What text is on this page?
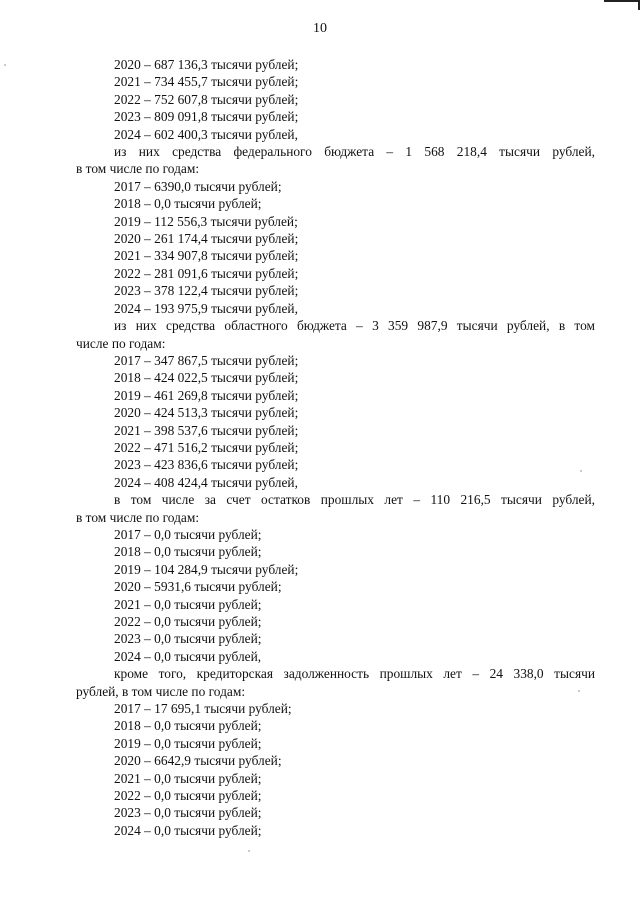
10
2020 – 687 136,3 тысячи рублей;
2021 – 734 455,7 тысячи рублей;
2022 – 752 607,8 тысячи рублей;
2023 – 809 091,8 тысячи рублей;
2024 – 602 400,3 тысячи рублей,
из них средства федерального бюджета – 1 568 218,4 тысячи рублей,
в том числе по годам:
2017 – 6390,0 тысячи рублей;
2018 – 0,0 тысячи рублей;
2019 – 112 556,3 тысячи рублей;
2020 – 261 174,4 тысячи рублей;
2021 – 334 907,8 тысячи рублей;
2022 – 281 091,6 тысячи рублей;
2023 – 378 122,4 тысячи рублей;
2024 – 193 975,9 тысячи рублей,
из них средства областного бюджета – 3 359 987,9 тысячи рублей, в том
числе по годам:
2017 – 347 867,5 тысячи рублей;
2018 – 424 022,5 тысячи рублей;
2019 – 461 269,8 тысячи рублей;
2020 – 424 513,3 тысячи рублей;
2021 – 398 537,6 тысячи рублей;
2022 – 471 516,2 тысячи рублей;
2023 – 423 836,6 тысячи рублей;
2024 – 408 424,4 тысячи рублей,
в том числе за счет остатков прошлых лет – 110 216,5 тысячи рублей,
в том числе по годам:
2017 – 0,0 тысячи рублей;
2018 – 0,0 тысячи рублей;
2019 – 104 284,9 тысячи рублей;
2020 – 5931,6 тысячи рублей;
2021 – 0,0 тысячи рублей;
2022 – 0,0 тысячи рублей;
2023 – 0,0 тысячи рублей;
2024 – 0,0 тысячи рублей,
кроме того, кредиторская задолженность прошлых лет – 24 338,0 тысячи
рублей, в том числе по годам:
2017 – 17 695,1 тысячи рублей;
2018 – 0,0 тысячи рублей;
2019 – 0,0 тысячи рублей;
2020 – 6642,9 тысячи рублей;
2021 – 0,0 тысячи рублей;
2022 – 0,0 тысячи рублей;
2023 – 0,0 тысячи рублей;
2024 – 0,0 тысячи рублей;
